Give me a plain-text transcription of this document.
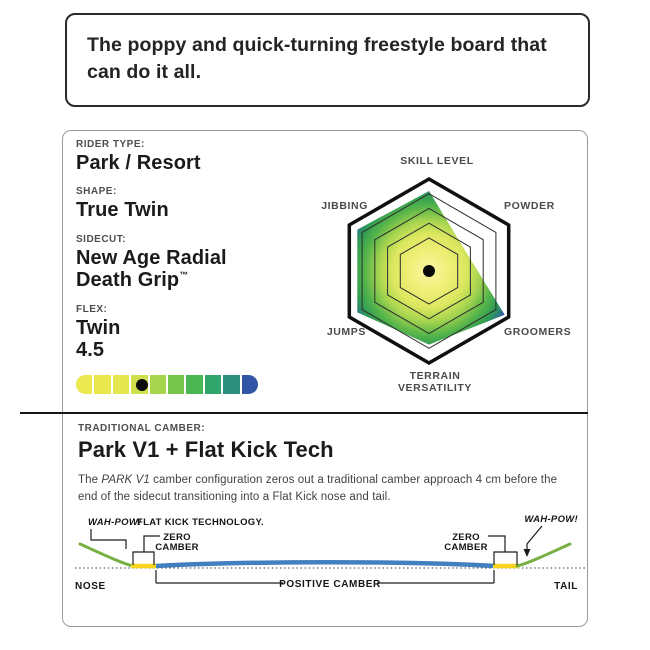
The poppy and quick-turning freestyle board that can do it all.
RIDER TYPE:
Park / Resort
SHAPE:
True Twin
SIDECUT:
New Age Radial
Death Grip™
FLEX:
Twin
4.5
SKILL LEVEL
POWDER
GROOMERS
TERRAIN VERSATILITY
JUMPS
JIBBING
TRADITIONAL CAMBER:
Park V1 + Flat Kick Tech
The PARK V1 camber configuration zeros out a traditional camber approach 4 cm before the end of the sidecut transitioning into a Flat Kick nose and tail.
WAH-POW!
FLAT KICK TECHNOLOGY.
ZERO
CAMBER
ZERO
CAMBER
WAH-POW!
NOSE	TAIL
POSITIVE CAMBER
